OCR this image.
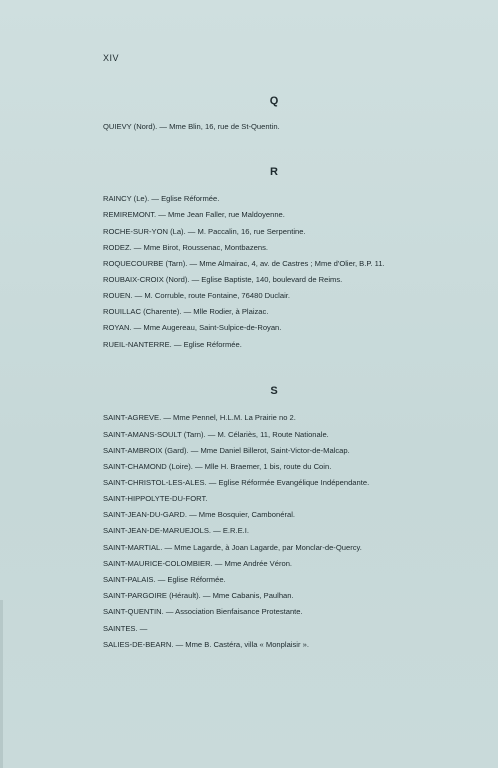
XIV
Q
QUIEVY (Nord). — Mme Blin, 16, rue de St-Quentin.
R
RAINCY (Le). — Eglise Réformée.
REMIREMONT. — Mme Jean Faller, rue Maldoyenne.
ROCHE-SUR-YON (La). — M. Paccalin, 16, rue Serpentine.
RODEZ. — Mme Birot, Roussenac, Montbazens.
ROQUECOURBE (Tarn). — Mme Almairac, 4, av. de Castres ; Mme d'Olier, B.P. 11.
ROUBAIX-CROIX (Nord). — Eglise Baptiste, 140, boulevard de Reims.
ROUEN. — M. Corruble, route Fontaine, 76480 Duclair.
ROUILLAC (Charente). — Mlle Rodier, à Plaizac.
ROYAN. — Mme Augereau, Saint-Sulpice-de-Royan.
RUEIL-NANTERRE. — Eglise Réformée.
S
SAINT-AGREVE. — Mme Pennel, H.L.M. La Prairie no 2.
SAINT-AMANS-SOULT (Tarn). — M. Célariès, 11, Route Nationale.
SAINT-AMBROIX (Gard). — Mme Daniel Billerot, Saint-Victor-de-Malcap.
SAINT-CHAMOND (Loire). — Mlle H. Braemer, 1 bis, route du Coin.
SAINT-CHRISTOL-LES-ALES. — Eglise Réformée Evangélique Indépendante.
SAINT-HIPPOLYTE-DU-FORT.
SAINT-JEAN-DU-GARD. — Mme Bosquier, Cambonéral.
SAINT-JEAN-DE-MARUEJOLS. — E.R.E.I.
SAINT-MARTIAL. — Mme Lagarde, à Joan Lagarde, par Monclar-de-Quercy.
SAINT-MAURICE-COLOMBIER. — Mme Andrée Véron.
SAINT-PALAIS. — Eglise Réformée.
SAINT-PARGOIRE (Hérault). — Mme Cabanis, Paulhan.
SAINT-QUENTIN. — Association Bienfaisance Protestante.
SAINTES. —
SALIES-DE-BEARN. — Mme B. Castéra, villa « Monplaisir ».
